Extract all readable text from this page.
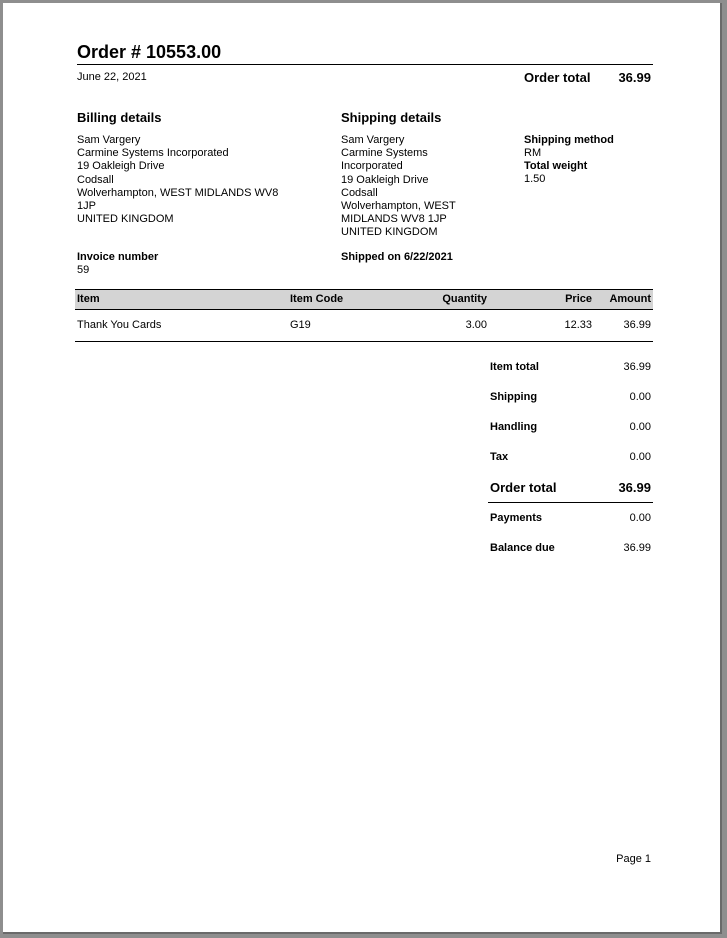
Order # 10553.00
June 22, 2021	Order total	36.99
Billing details
Sam Vargery
Carmine Systems Incorporated
19 Oakleigh Drive
Codsall
Wolverhampton, WEST MIDLANDS WV8
1JP
UNITED KINGDOM
Invoice number
59
Shipping details
Sam Vargery
Carmine Systems
Incorporated
19 Oakleigh Drive
Codsall
Wolverhampton, WEST
MIDLANDS WV8 1JP
UNITED KINGDOM
Shipped on 6/22/2021
Shipping method
RM
Total weight
1.50
Item	Item Code	Quantity	Price	Amount
Thank You Cards	G19	3.00	12.33	36.99
Item total	36.99
Shipping	0.00
Handling	0.00
Tax	0.00
Order total	36.99
Payments	0.00
Balance due	36.99
Page 1
